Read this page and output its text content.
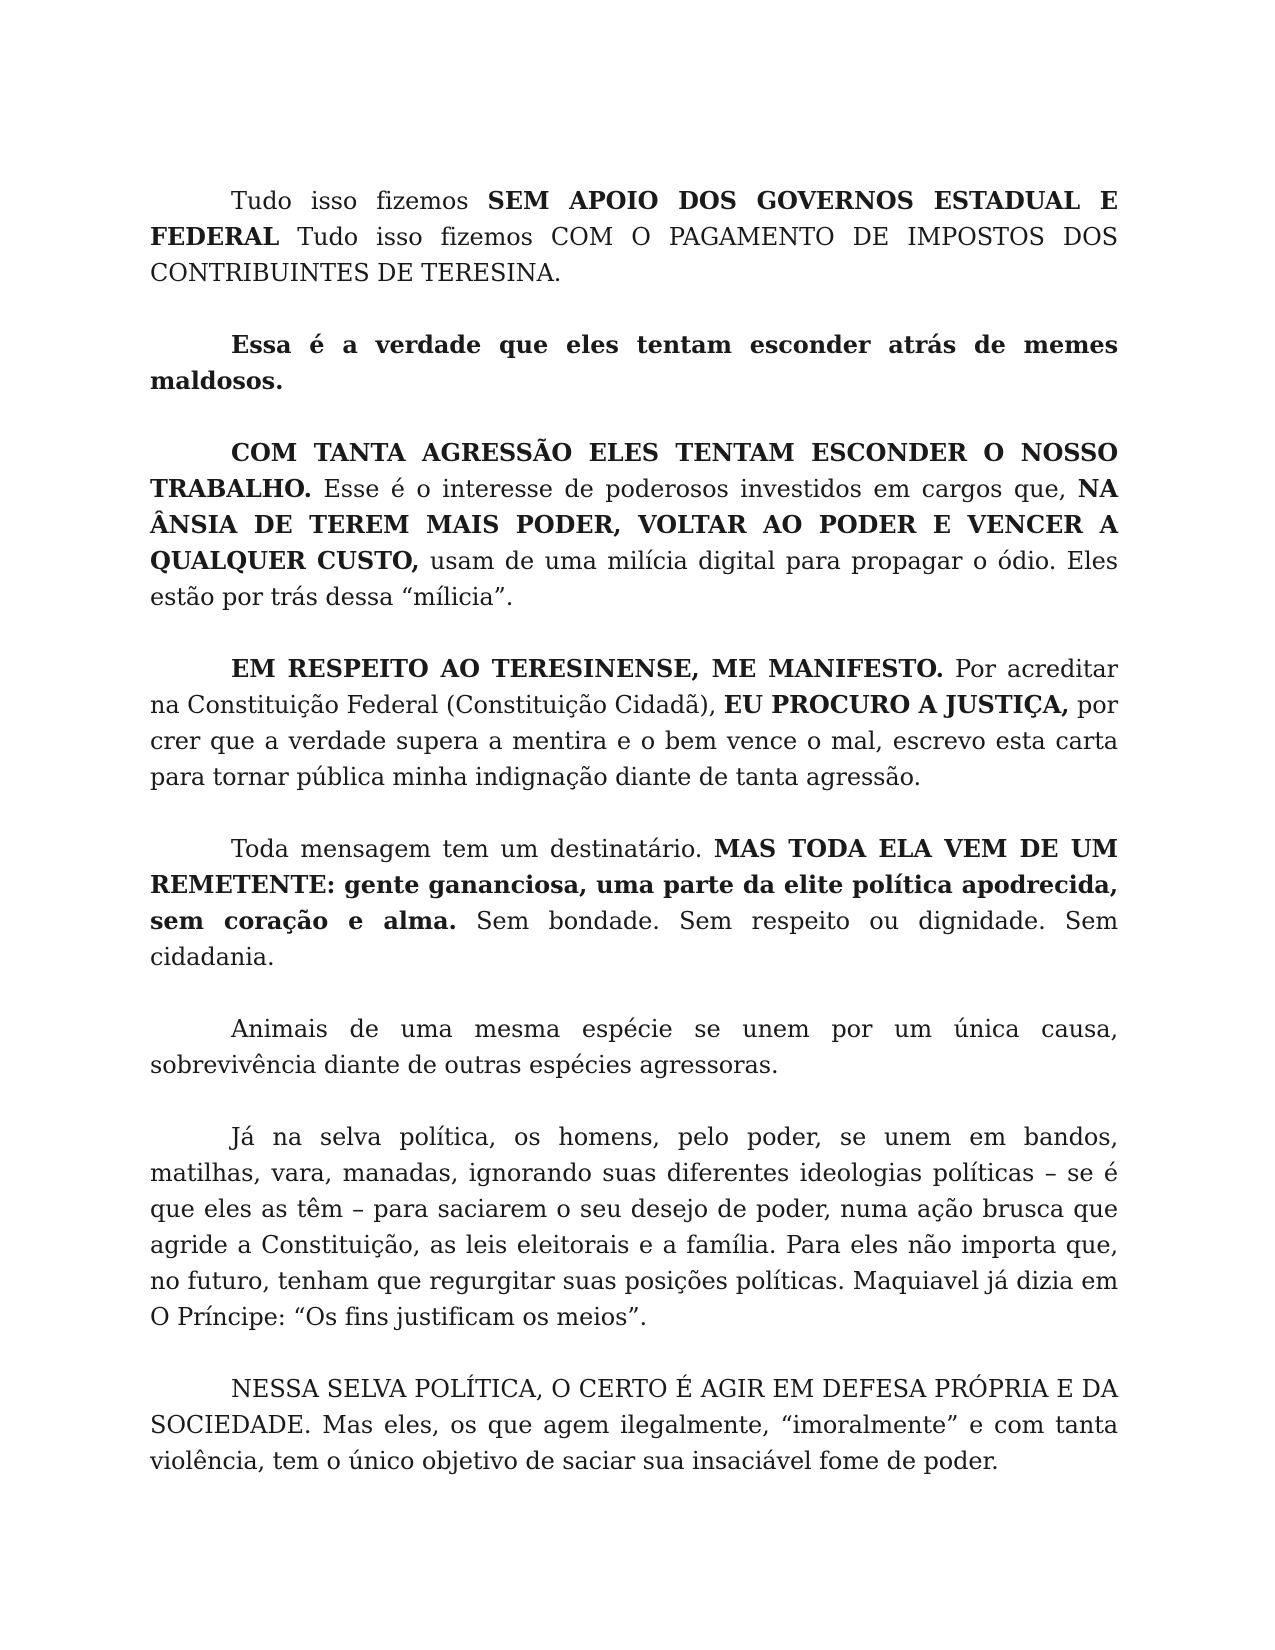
Tudo isso fizemos SEM APOIO DOS GOVERNOS ESTADUAL E FEDERAL Tudo isso fizemos COM O PAGAMENTO DE IMPOSTOS DOS CONTRIBUINTES DE TERESINA.

Essa é a verdade que eles tentam esconder atrás de memes maldosos.

COM TANTA AGRESSÃO ELES TENTAM ESCONDER O NOSSO TRABALHO. Esse é o interesse de poderosos investidos em cargos que, NA ÂNSIA DE TEREM MAIS PODER, VOLTAR AO PODER E VENCER A QUALQUER CUSTO, usam de uma milícia digital para propagar o ódio. Eles estão por trás dessa “mílicia”.

EM RESPEITO AO TERESINENSE, ME MANIFESTO. Por acreditar na Constituição Federal (Constituição Cidadã), EU PROCURO A JUSTIÇA, por crer que a verdade supera a mentira e o bem vence o mal, escrevo esta carta para tornar pública minha indignação diante de tanta agressão.

Toda mensagem tem um destinatário. MAS TODA ELA VEM DE UM REMETENTE: gente gananciosa, uma parte da elite política apodrecida, sem coração e alma. Sem bondade. Sem respeito ou dignidade. Sem cidadania.

Animais de uma mesma espécie se unem por um única causa, sobrevivência diante de outras espécies agressoras.

Já na selva política, os homens, pelo poder, se unem em bandos, matilhas, vara, manadas, ignorando suas diferentes ideologias políticas – se é que eles as têm – para saciarem o seu desejo de poder, numa ação brusca que agride a Constituição, as leis eleitorais e a família. Para eles não importa que, no futuro, tenham que regurgitar suas posições políticas. Maquiavel já dizia em O Príncipe: “Os fins justificam os meios”.

NESSA SELVA POLÍTICA, O CERTO É AGIR EM DEFESA PRÓPRIA E DA SOCIEDADE. Mas eles, os que agem ilegalmente, “imoralmente” e com tanta violência, tem o único objetivo de saciar sua insaciável fome de poder.
